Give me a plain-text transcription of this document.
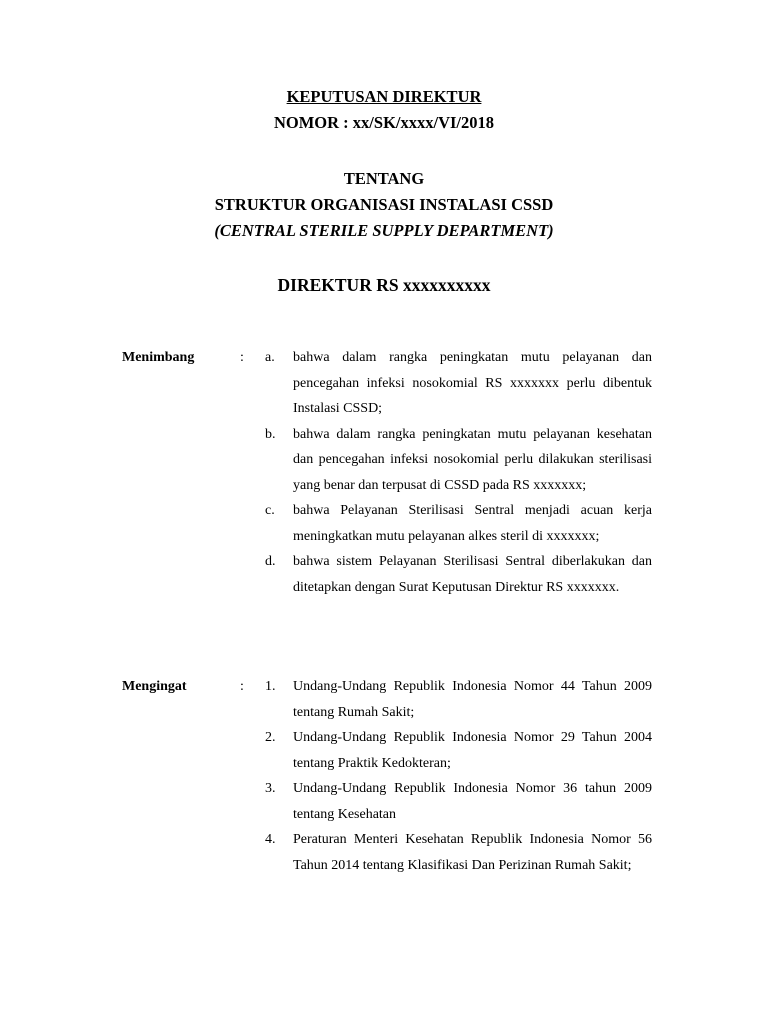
KEPUTUSAN DIREKTUR
NOMOR : xx/SK/xxxx/VI/2018
TENTANG
STRUKTUR ORGANISASI INSTALASI CSSD
(CENTRAL STERILE SUPPLY DEPARTMENT)
DIREKTUR RS xxxxxxxxxx
Menimbang	: a. bahwa dalam rangka peningkatan mutu pelayanan dan pencegahan infeksi nosokomial RS xxxxxxx perlu dibentuk Instalasi CSSD;
b. bahwa dalam rangka peningkatan mutu pelayanan kesehatan dan pencegahan infeksi nosokomial perlu dilakukan sterilisasi yang benar dan terpusat di CSSD pada RS xxxxxxx;
c. bahwa Pelayanan Sterilisasi Sentral menjadi acuan kerja meningkatkan mutu pelayanan alkes steril di xxxxxxx;
d. bahwa sistem Pelayanan Sterilisasi Sentral diberlakukan dan ditetapkan dengan Surat Keputusan Direktur RS xxxxxxx.
Mengingat	: 1. Undang-Undang Republik Indonesia Nomor 44 Tahun 2009 tentang Rumah Sakit;
2. Undang-Undang Republik Indonesia Nomor 29 Tahun 2004 tentang Praktik Kedokteran;
3. Undang-Undang Republik Indonesia Nomor 36 tahun 2009 tentang Kesehatan
4. Peraturan Menteri Kesehatan Republik Indonesia Nomor 56 Tahun 2014 tentang Klasifikasi Dan Perizinan Rumah Sakit;
